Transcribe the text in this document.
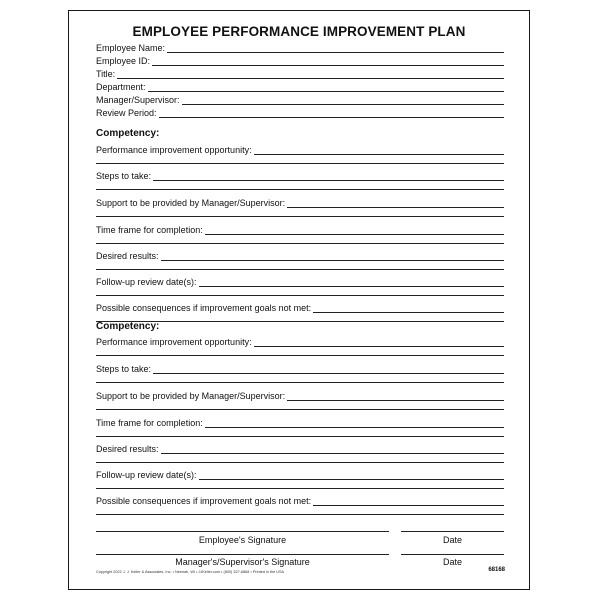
EMPLOYEE PERFORMANCE IMPROVEMENT PLAN
Employee Name:
Employee ID:
Title:
Department:
Manager/Supervisor:
Review Period:
Competency:
Performance improvement opportunity:
Steps to take:
Support to be provided by Manager/Supervisor:
Time frame for completion:
Desired results:
Follow-up review date(s):
Possible consequences if improvement goals not met:
Competency:
Performance improvement opportunity:
Steps to take:
Support to be provided by Manager/Supervisor:
Time frame for completion:
Desired results:
Follow-up review date(s):
Possible consequences if improvement goals not met:
Employee's Signature	Date
Manager's/Supervisor's Signature	Date
Copyright 2022 J. J. Keller & Associates, Inc. • Neenah, WI • JJKeller.com • (800) 327-6868 • Printed in the USA	68168
